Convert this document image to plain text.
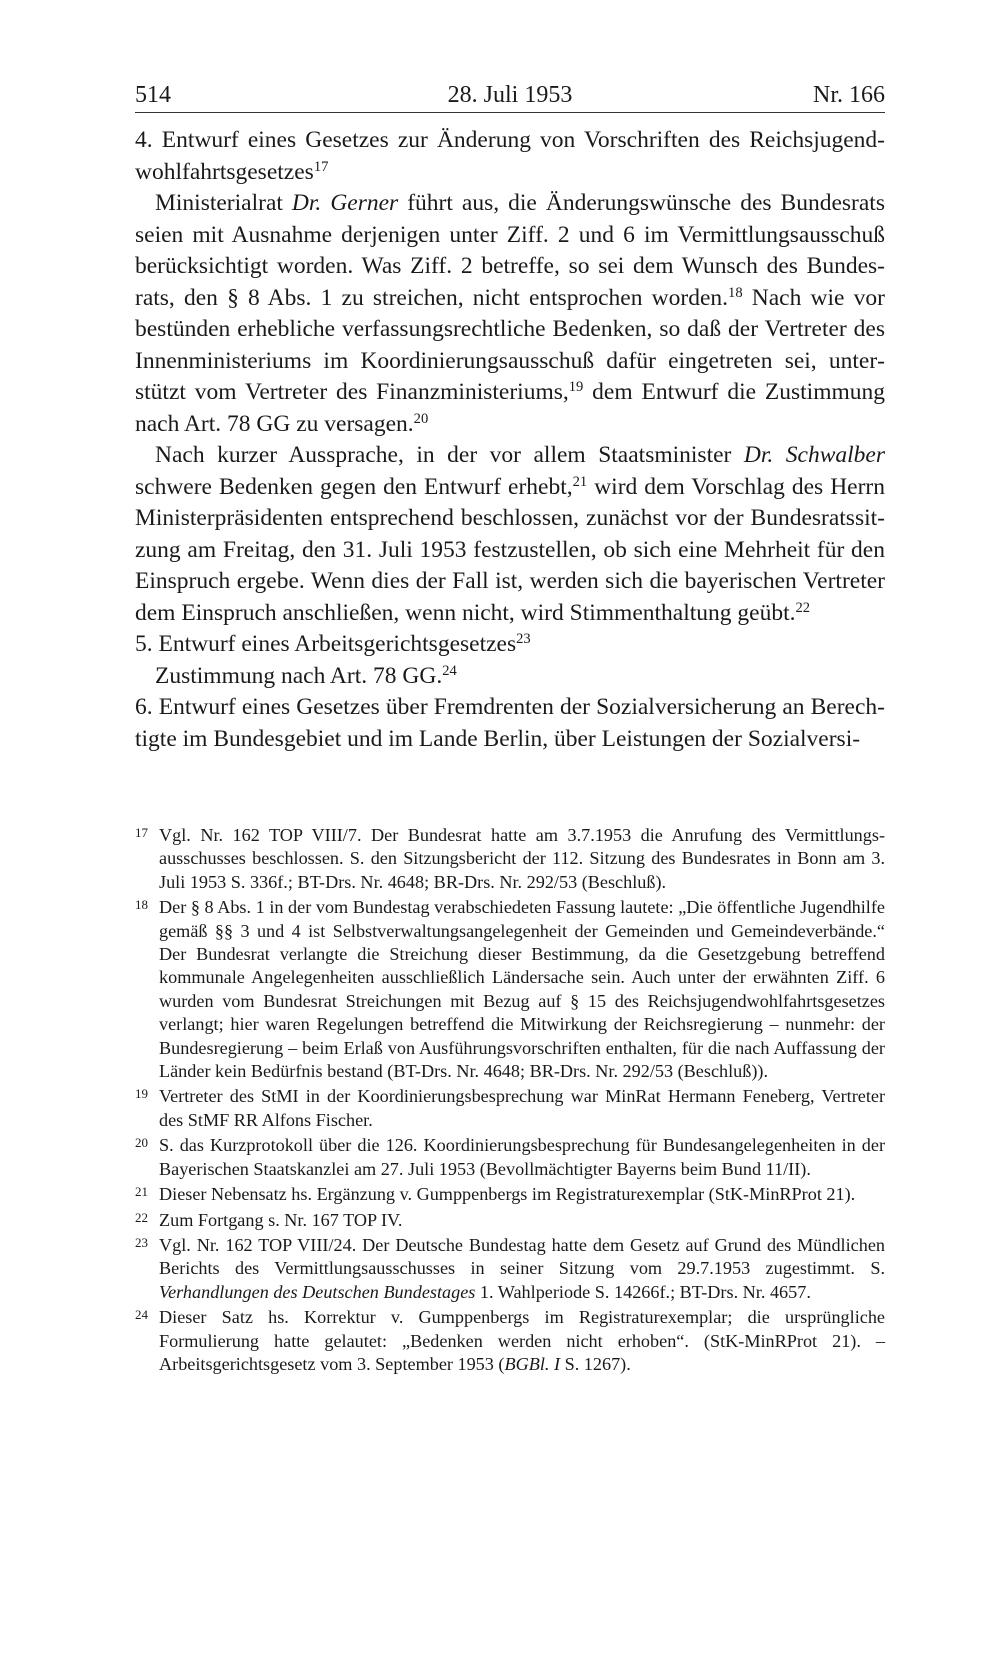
514	28. Juli 1953	Nr. 166

4. Entwurf eines Gesetzes zur Änderung von Vorschriften des Reichsjugendwohlfahrtsgesetzes$^{17}$

Ministerialrat Dr. Gerner führt aus, die Änderungswünsche des Bundesrats seien mit Ausnahme derjenigen unter Ziff. 2 und 6 im Vermittlungsausschuß berücksichtigt worden. Was Ziff. 2 betreffe, so sei dem Wunsch des Bundesrats, den § 8 Abs. 1 zu streichen, nicht entsprochen worden.$^{18}$ Nach wie vor bestünden erhebliche verfassungsrechtliche Bedenken, so daß der Vertreter des Innenministeriums im Koordinierungsausschuß dafür eingetreten sei, unterstützt vom Vertreter des Finanzministeriums,$^{19}$ dem Entwurf die Zustimmung nach Art. 78 GG zu versagen.$^{20}$

Nach kurzer Aussprache, in der vor allem Staatsminister Dr. Schwalber schwere Bedenken gegen den Entwurf erhebt,$^{21}$ wird dem Vorschlag des Herrn Ministerpräsidenten entsprechend beschlossen, zunächst vor der Bundesratssitzung am Freitag, den 31. Juli 1953 festzustellen, ob sich eine Mehrheit für den Einspruch ergebe. Wenn dies der Fall ist, werden sich die bayerischen Vertreter dem Einspruch anschließen, wenn nicht, wird Stimmenthaltung geübt.$^{22}$

5. Entwurf eines Arbeitsgerichtsgesetzes$^{23}$

Zustimmung nach Art. 78 GG.$^{24}$

6. Entwurf eines Gesetzes über Fremdrenten der Sozialversicherung an Berechtigte im Bundesgebiet und im Lande Berlin, über Leistungen der Sozialversi-

17 Vgl. Nr. 162 TOP VIII/7. Der Bundesrat hatte am 3.7.1953 die Anrufung des Vermittlungsausschusses beschlossen. S. den Sitzungsbericht der 112. Sitzung des Bundesrates in Bonn am 3. Juli 1953 S. 336f.; BT-Drs. Nr. 4648; BR-Drs. Nr. 292/53 (Beschluß).
18 Der § 8 Abs. 1 in der vom Bundestag verabschiedeten Fassung lautete: „Die öffentliche Jugendhilfe gemäß §§ 3 und 4 ist Selbstverwaltungsangelegenheit der Gemeinden und Gemeindeverbände.“ Der Bundesrat verlangte die Streichung dieser Bestimmung, da die Gesetzgebung betreffend kommunale Angelegenheiten ausschließlich Ländersache sein. Auch unter der erwähnten Ziff. 6 wurden vom Bundesrat Streichungen mit Bezug auf § 15 des Reichsjugendwohlfahrtsgesetzes verlangt; hier waren Regelungen betreffend die Mitwirkung der Reichsregierung – nunmehr: der Bundesregierung – beim Erlaß von Ausführungsvorschriften enthalten, für die nach Auffassung der Länder kein Bedürfnis bestand (BT-Drs. Nr. 4648; BR-Drs. Nr. 292/53 (Beschluß)).
19 Vertreter des StMI in der Koordinierungsbesprechung war MinRat Hermann Feneberg, Vertreter des StMF RR Alfons Fischer.
20 S. das Kurzprotokoll über die 126. Koordinierungsbesprechung für Bundesangelegenheiten in der Bayerischen Staatskanzlei am 27. Juli 1953 (Bevollmächtigter Bayerns beim Bund 11/II).
21 Dieser Nebensatz hs. Ergänzung v. Gumppenbergs im Registraturexemplar (StK-MinRProt 21).
22 Zum Fortgang s. Nr. 167 TOP IV.
23 Vgl. Nr. 162 TOP VIII/24. Der Deutsche Bundestag hatte dem Gesetz auf Grund des Mündlichen Berichts des Vermittlungsausschusses in seiner Sitzung vom 29.7.1953 zugestimmt. S. Verhandlungen des Deutschen Bundestages 1. Wahlperiode S. 14266f.; BT-Drs. Nr. 4657.
24 Dieser Satz hs. Korrektur v. Gumppenbergs im Registraturexemplar; die ursprüngliche Formulierung hatte gelautet: „Bedenken werden nicht erhoben“. (StK-MinRProt 21). – Arbeitsgerichtsgesetz vom 3. September 1953 (BGBl. I S. 1267).
